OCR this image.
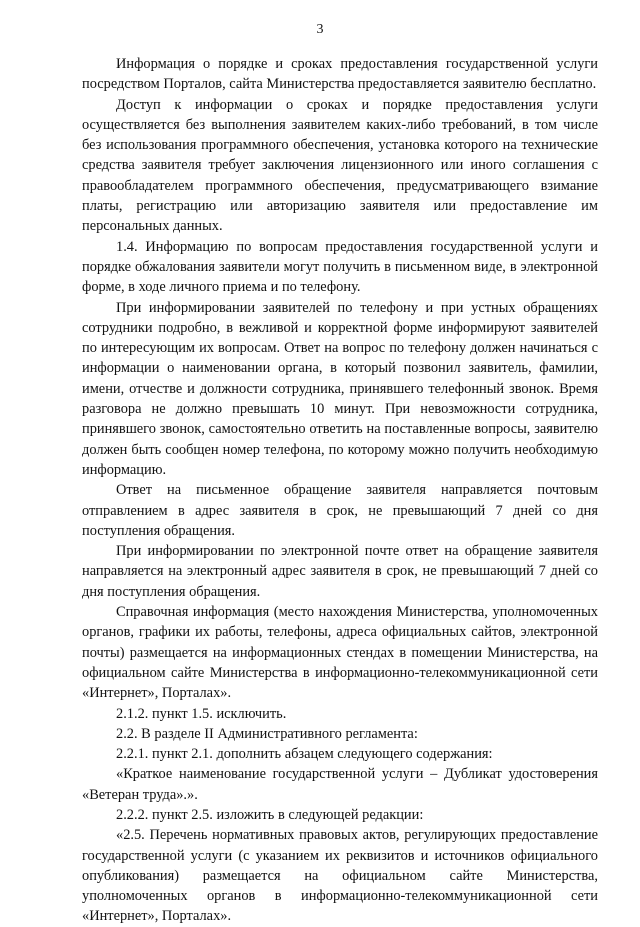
3

Информация о порядке и сроках предоставления государственной услуги посредством Порталов, сайта Министерства предоставляется заявителю бесплатно.

Доступ к информации о сроках и порядке предоставления услуги осуществляется без выполнения заявителем каких-либо требований, в том числе без использования программного обеспечения, установка которого на технические средства заявителя требует заключения лицензионного или иного соглашения с правообладателем программного обеспечения, предусматривающего взимание платы, регистрацию или авторизацию заявителя или предоставление им персональных данных.

1.4. Информацию по вопросам предоставления государственной услуги и порядке обжалования заявители могут получить в письменном виде, в электронной форме, в ходе личного приема и по телефону.

При информировании заявителей по телефону и при устных обращениях сотрудники подробно, в вежливой и корректной форме информируют заявителей по интересующим их вопросам. Ответ на вопрос по телефону должен начинаться с информации о наименовании органа, в который позвонил заявитель, фамилии, имени, отчестве и должности сотрудника, принявшего телефонный звонок. Время разговора не должно превышать 10 минут. При невозможности сотрудника, принявшего звонок, самостоятельно ответить на поставленные вопросы, заявителю должен быть сообщен номер телефона, по которому можно получить необходимую информацию.

Ответ на письменное обращение заявителя направляется почтовым отправлением в адрес заявителя в срок, не превышающий 7 дней со дня поступления обращения.

При информировании по электронной почте ответ на обращение заявителя направляется на электронный адрес заявителя в срок, не превышающий 7 дней со дня поступления обращения.

Справочная информация (место нахождения Министерства, уполномоченных органов, графики их работы, телефоны, адреса официальных сайтов, электронной почты) размещается на информационных стендах в помещении Министерства, на официальном сайте Министерства в информационно-телекоммуникационной сети «Интернет», Порталах».

2.1.2. пункт 1.5. исключить.

2.2. В разделе II Административного регламента:

2.2.1. пункт 2.1. дополнить абзацем следующего содержания:

«Краткое наименование государственной услуги – Дубликат удостоверения «Ветеран труда».».

2.2.2. пункт 2.5. изложить в следующей редакции:

«2.5. Перечень нормативных правовых актов, регулирующих предоставление государственной услуги (с указанием их реквизитов и источников официального опубликования) размещается на официальном сайте Министерства, уполномоченных органов в информационно-телекоммуникационной сети «Интернет», Порталах».
